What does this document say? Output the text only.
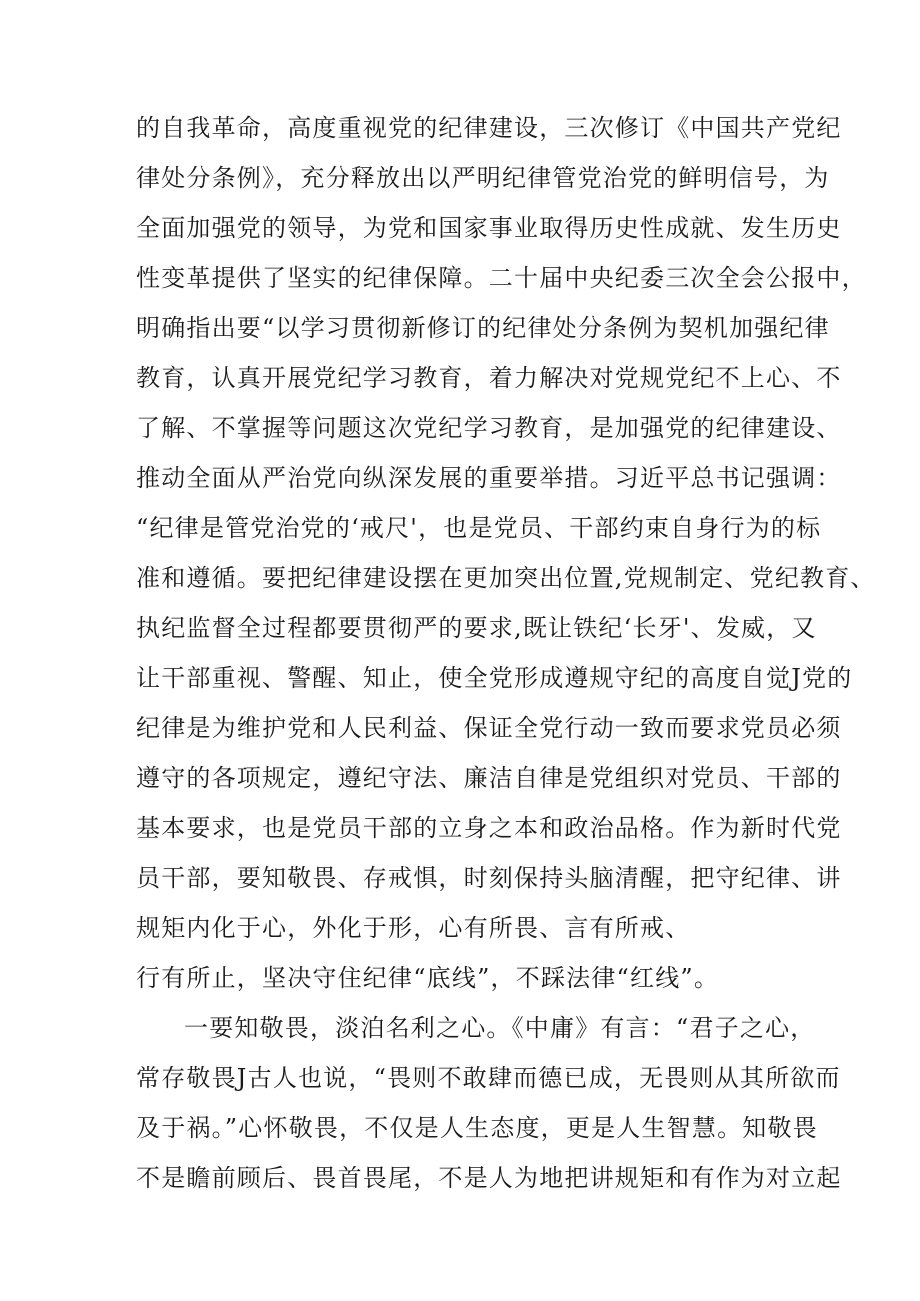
的自我革命，高度重视党的纪律建设，三次修订《中国共产党纪
律处分条例》，充分释放出以严明纪律管党治党的鲜明信号，为
全面加强党的领导，为党和国家事业取得历史性成就、发生历史
性变革提供了坚实的纪律保障。二十届中央纪委三次全会公报中，
明确指出要“以学习贯彻新修订的纪律处分条例为契机加强纪律
教育，认真开展党纪学习教育，着力解决对党规党纪不上心、不
了解、不掌握等问题这次党纪学习教育，是加强党的纪律建设、
推动全面从严治党向纵深发展的重要举措。习近平总书记强调：
“纪律是管党治党的‘戒尺'，也是党员、干部约束自身行为的标
准和遵循。要把纪律建设摆在更加突出位置,党规制定、党纪教育、
执纪监督全过程都要贯彻严的要求,既让铁纪‘长牙'、发威，又
让干部重视、警醒、知止，使全党形成遵规守纪的高度自觉J党的
纪律是为维护党和人民利益、保证全党行动一致而要求党员必须
遵守的各项规定，遵纪守法、廉洁自律是党组织对党员、干部的
基本要求，也是党员干部的立身之本和政治品格。作为新时代党
员干部，要知敬畏、存戒惧，时刻保持头脑清醒，把守纪律、讲
规矩内化于心，外化于形，心有所畏、言有所戒、
行有所止，坚决守住纪律“底线”，不踩法律“红线”。
一要知敬畏，淡泊名利之心。《中庸》有言：“君子之心，
常存敬畏J古人也说，“畏则不敢肆而德已成，无畏则从其所欲而
及于祸。”心怀敬畏，不仅是人生态度，更是人生智慧。知敬畏
不是瞻前顾后、畏首畏尾，不是人为地把讲规矩和有作为对立起
